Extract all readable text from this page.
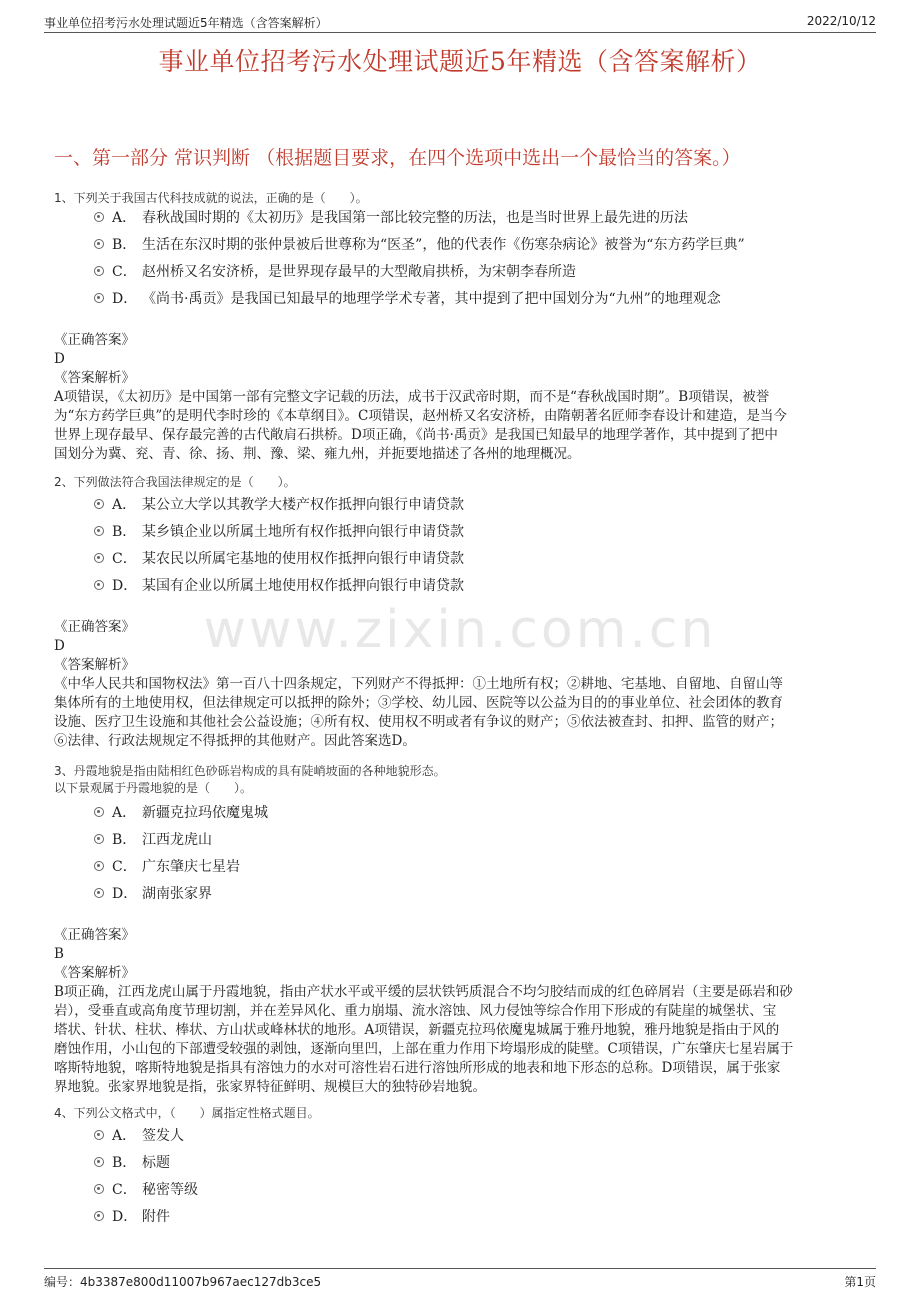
事业单位招考污水处理试题近5年精选（含答案解析）	2022/10/12
事业单位招考污水处理试题近5年精选（含答案解析）
一、第一部分 常识判断 （根据题目要求，在四个选项中选出一个最恰当的答案。）
www.zixin.com.cn
1、下列关于我国古代科技成就的说法，正确的是（　　）。
A． 春秋战国时期的《太初历》是我国第一部比较完整的历法，也是当时世界上最先进的历法
B． 生活在东汉时期的张仲景被后世尊称为“医圣”，他的代表作《伤寒杂病论》被誉为“东方药学巨典”
C． 赵州桥又名安济桥，是世界现存最早的大型敞肩拱桥，为宋朝李春所造
D． 《尚书·禹贡》是我国已知最早的地理学学术专著，其中提到了把中国划分为“九州”的地理观念

《正确答案》

D

《答案解析》

A项错误，《太初历》是中国第一部有完整文字记载的历法，成书于汉武帝时期，而不是“春秋战国时期”。B项错误，被誉

为“东方药学巨典”的是明代李时珍的《本草纲目》。C项错误，赵州桥又名安济桥，由隋朝著名匠师李春设计和建造，是当今

世界上现存最早、保存最完善的古代敞肩石拱桥。D项正确，《尚书·禹贡》是我国已知最早的地理学著作，其中提到了把中

国划分为冀、兖、青、徐、扬、荆、豫、梁、雍九州，并扼要地描述了各州的地理概况。

2、下列做法符合我国法律规定的是（　　）。
A． 某公立大学以其教学大楼产权作抵押向银行申请贷款
B． 某乡镇企业以所属土地所有权作抵押向银行申请贷款
C． 某农民以所属宅基地的使用权作抵押向银行申请贷款
D． 某国有企业以所属土地使用权作抵押向银行申请贷款

《正确答案》

D

《答案解析》

《中华人民共和国物权法》第一百八十四条规定，下列财产不得抵押：①土地所有权；②耕地、宅基地、自留地、自留山等

集体所有的土地使用权，但法律规定可以抵押的除外；③学校、幼儿园、医院等以公益为目的的事业单位、社会团体的教育

设施、医疗卫生设施和其他社会公益设施；④所有权、使用权不明或者有争议的财产；⑤依法被查封、扣押、监管的财产；

⑥法律、行政法规规定不得抵押的其他财产。因此答案选D。

3、丹霞地貌是指由陆相红色砂砾岩构成的具有陡峭坡面的各种地貌形态。
以下景观属于丹霞地貌的是（　　）。
A． 新疆克拉玛依魔鬼城
B． 江西龙虎山
C． 广东肇庆七星岩
D． 湖南张家界

《正确答案》

B

《答案解析》

B项正确，江西龙虎山属于丹霞地貌，指由产状水平或平缓的层状铁钙质混合不均匀胶结而成的红色碎屑岩（主要是砾岩和砂

岩），受垂直或高角度节理切割，并在差异风化、重力崩塌、流水溶蚀、风力侵蚀等综合作用下形成的有陡崖的城堡状、宝

塔状、针状、柱状、棒状、方山状或峰林状的地形。A项错误，新疆克拉玛依魔鬼城属于雅丹地貌，雅丹地貌是指由于风的

磨蚀作用，小山包的下部遭受较强的剥蚀，逐渐向里凹，上部在重力作用下垮塌形成的陡壁。C项错误，广东肇庆七星岩属于

喀斯特地貌，喀斯特地貌是指具有溶蚀力的水对可溶性岩石进行溶蚀所形成的地表和地下形态的总称。D项错误，属于张家

界地貌。张家界地貌是指，张家界特征鲜明、规模巨大的独特砂岩地貌。

4、下列公文格式中，（　　）属指定性格式题目。
A． 签发人
B． 标题
C． 秘密等级
D． 附件
编号：4b3387e800d11007b967aec127db3ce5	第1页
